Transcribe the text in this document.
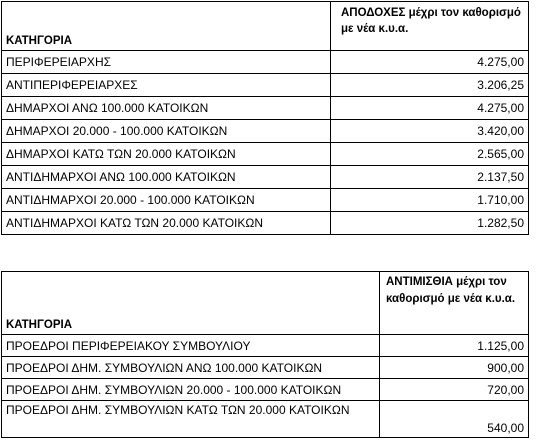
ΚΑΤΗΓΟΡΙΑ	ΑΠΟΔΟΧΕΣ μέχρι τον καθορισμό με νέα κ.υ.α.
ΠΕΡΙΦΕΡΕΙΑΡΧΗΣ	4.275,00
ΑΝΤΙΠΕΡΙΦΕΡΕΙΑΡΧΕΣ	3.206,25
ΔΗΜΑΡΧΟΙ ΑΝΩ 100.000 ΚΑΤΟΙΚΩΝ	4.275,00
ΔΗΜΑΡΧΟΙ 20.000 - 100.000 ΚΑΤΟΙΚΩΝ	3.420,00
ΔΗΜΑΡΧΟΙ ΚΑΤΩ ΤΩΝ 20.000 ΚΑΤΟΙΚΩΝ	2.565,00
ΑΝΤΙΔΗΜΑΡΧΟΙ ΑΝΩ 100.000 ΚΑΤΟΙΚΩΝ	2.137,50
ΑΝΤΙΔΗΜΑΡΧΟΙ 20.000 - 100.000 ΚΑΤΟΙΚΩΝ	1.710,00
ΑΝΤΙΔΗΜΑΡΧΟΙ ΚΑΤΩ ΤΩΝ 20.000 ΚΑΤΟΙΚΩΝ	1.282,50
ΚΑΤΗΓΟΡΙΑ	ΑΝΤΙΜΙΣΘΙΑ μέχρι τον καθορισμό με νέα κ.υ.α.
ΠΡΟΕΔΡΟΙ ΠΕΡΙΦΕΡΕΙΑΚΟΥ ΣΥΜΒΟΥΛΙΟΥ	1.125,00
ΠΡΟΕΔΡΟΙ ΔΗΜ. ΣΥΜΒΟΥΛΙΩΝ ΑΝΩ 100.000 ΚΑΤΟΙΚΩΝ	900,00
ΠΡΟΕΔΡΟΙ ΔΗΜ. ΣΥΜΒΟΥΛΙΩΝ 20.000 - 100.000 ΚΑΤΟΙΚΩΝ	720,00
ΠΡΟΕΔΡΟΙ ΔΗΜ. ΣΥΜΒΟΥΛΙΩΝ ΚΑΤΩ ΤΩΝ 20.000 ΚΑΤΟΙΚΩΝ	540,00
